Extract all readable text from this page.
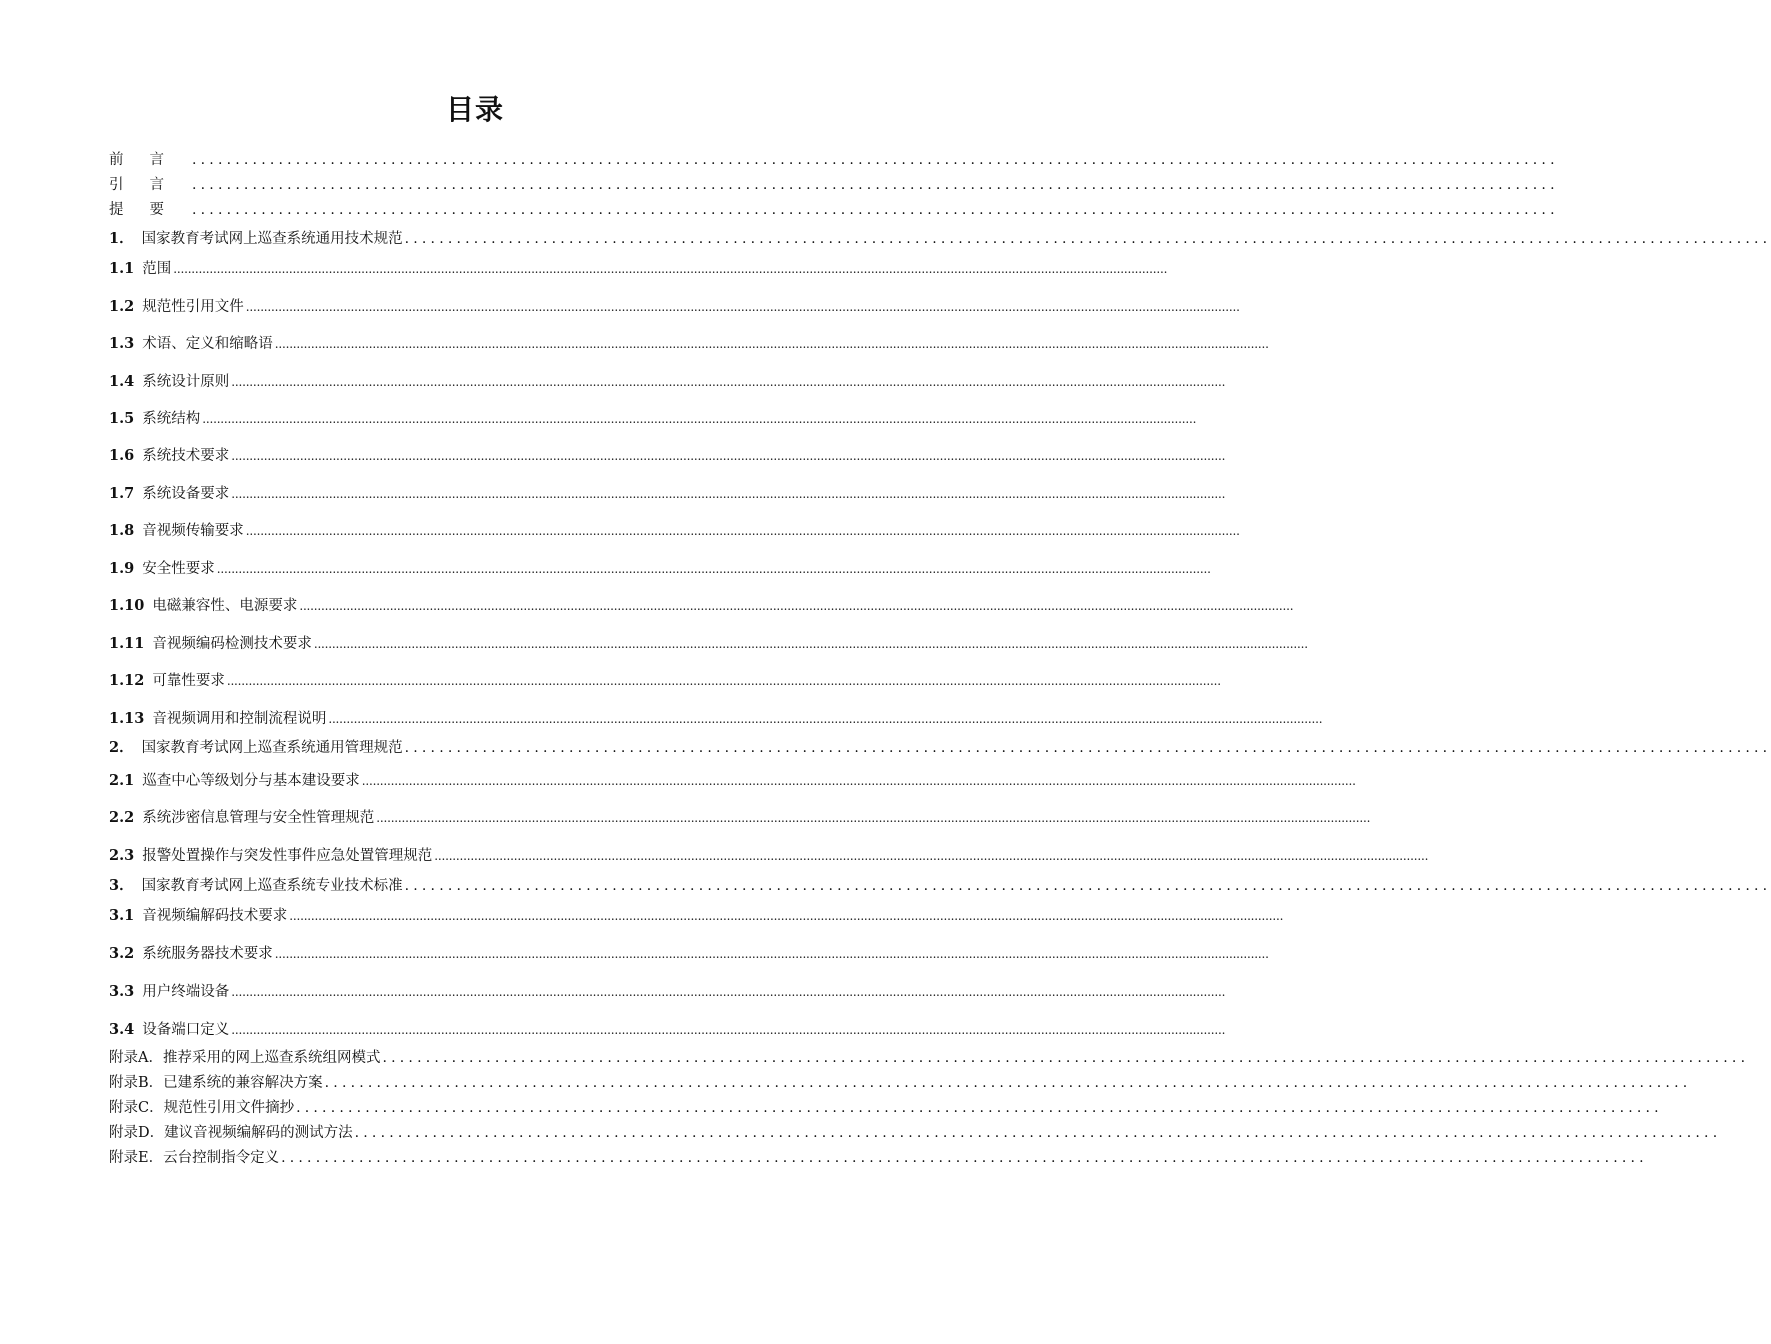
目录
前言 ..............................................................................................................................................................
引言 ..............................................................................................................................................................
提要 ..............................................................................................................................................................
1． 国家教育考试网上巡查系统通用技术规范 ..............................................................................................................................................................
1.1 范围 ...................................................................................................................................................................................................................................................................................
1.2 规范性引用文件 ...................................................................................................................................................................................................................................................................................
1.3 术语、定义和缩略语 ...................................................................................................................................................................................................................................................................................
1.4 系统设计原则 ...................................................................................................................................................................................................................................................................................
1.5 系统结构 ...................................................................................................................................................................................................................................................................................
1.6 系统技术要求 ...................................................................................................................................................................................................................................................................................
1.7 系统设备要求 ...................................................................................................................................................................................................................................................................................
1.8 音视频传输要求 ...................................................................................................................................................................................................................................................................................
1.9 安全性要求 ...................................................................................................................................................................................................................................................................................
1.10 电磁兼容性、电源要求 ...................................................................................................................................................................................................................................................................................
1.11 音视频编码检测技术要求 ...................................................................................................................................................................................................................................................................................
1.12 可靠性要求 ...................................................................................................................................................................................................................................................................................
1.13 音视频调用和控制流程说明 ...................................................................................................................................................................................................................................................................................
2． 国家教育考试网上巡查系统通用管理规范 ..............................................................................................................................................................
2.1 巡查中心等级划分与基本建设要求 ...................................................................................................................................................................................................................................................................................
2.2 系统涉密信息管理与安全性管理规范 ...................................................................................................................................................................................................................................................................................
2.3 报警处置操作与突发性事件应急处置管理规范 ...................................................................................................................................................................................................................................................................................
3． 国家教育考试网上巡查系统专业技术标准 ..............................................................................................................................................................
3.1 音视频编解码技术要求 ...................................................................................................................................................................................................................................................................................
3.2 系统服务器技术要求 ...................................................................................................................................................................................................................................................................................
3.3 用户终端设备 ...................................................................................................................................................................................................................................................................................
3.4 设备端口定义 ...................................................................................................................................................................................................................................................................................
附录A．推荐采用的网上巡查系统组网模式 ..............................................................................................................................................................
附录B．已建系统的兼容解决方案 ..............................................................................................................................................................
附录C．规范性引用文件摘抄 ..............................................................................................................................................................
附录D．建议音视频编解码的测试方法 ..............................................................................................................................................................
附录E．云台控制指令定义 ..............................................................................................................................................................
